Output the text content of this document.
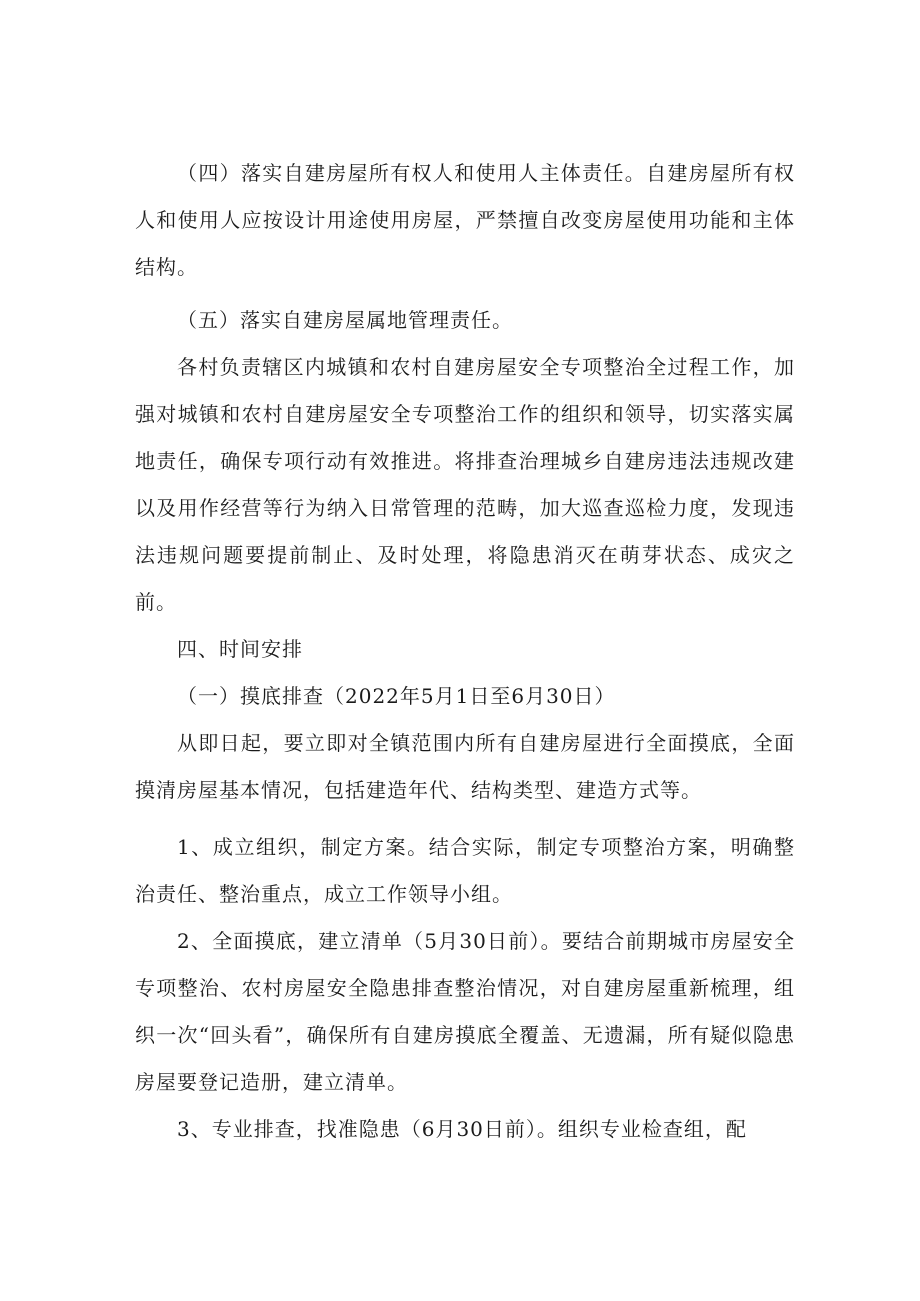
（四）落实自建房屋所有权人和使用人主体责任。自建房屋所有权人和使用人应按设计用途使用房屋，严禁擅自改变房屋使用功能和主体结构。

（五）落实自建房屋属地管理责任。

各村负责辖区内城镇和农村自建房屋安全专项整治全过程工作，加强对城镇和农村自建房屋安全专项整治工作的组织和领导，切实落实属地责任，确保专项行动有效推进。将排查治理城乡自建房违法违规改建以及用作经营等行为纳入日常管理的范畴，加大巡查巡检力度，发现违法违规问题要提前制止、及时处理，将隐患消灭在萌芽状态、成灾之前。

四、时间安排

（一）摸底排查（2022年5月1日至6月30日）

从即日起，要立即对全镇范围内所有自建房屋进行全面摸底，全面摸清房屋基本情况，包括建造年代、结构类型、建造方式等。

1、成立组织，制定方案。结合实际，制定专项整治方案，明确整治责任、整治重点，成立工作领导小组。

2、全面摸底，建立清单（5月30日前）。要结合前期城市房屋安全专项整治、农村房屋安全隐患排查整治情况，对自建房屋重新梳理，组织一次“回头看”，确保所有自建房摸底全覆盖、无遗漏，所有疑似隐患房屋要登记造册，建立清单。

3、专业排查，找准隐患（6月30日前）。组织专业检查组，配
